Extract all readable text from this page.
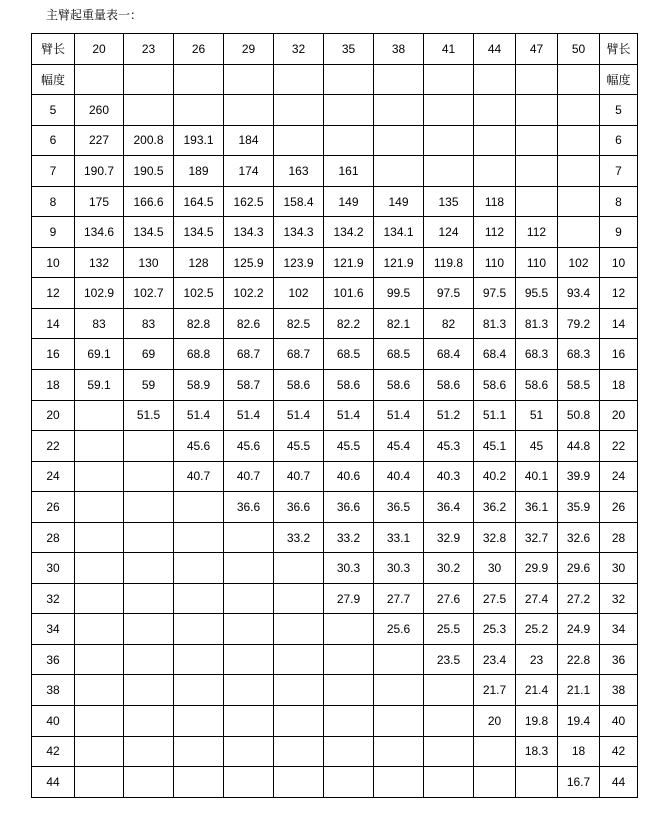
主臂起重量表一：
臂长	20	23	26	29	32	35	38	41	44	47	50	臂长
幅度												幅度
5	260											5
6	227	200.8	193.1	184								6
7	190.7	190.5	189	174	163	161						7
8	175	166.6	164.5	162.5	158.4	149	149	135	118			8
9	134.6	134.5	134.5	134.3	134.3	134.2	134.1	124	112	112		9
10	132	130	128	125.9	123.9	121.9	121.9	119.8	110	110	102	10
12	102.9	102.7	102.5	102.2	102	101.6	99.5	97.5	97.5	95.5	93.4	12
14	83	83	82.8	82.6	82.5	82.2	82.1	82	81.3	81.3	79.2	14
16	69.1	69	68.8	68.7	68.7	68.5	68.5	68.4	68.4	68.3	68.3	16
18	59.1	59	58.9	58.7	58.6	58.6	58.6	58.6	58.6	58.6	58.5	18
20		51.5	51.4	51.4	51.4	51.4	51.4	51.2	51.1	51	50.8	20
22			45.6	45.6	45.5	45.5	45.4	45.3	45.1	45	44.8	22
24			40.7	40.7	40.7	40.6	40.4	40.3	40.2	40.1	39.9	24
26				36.6	36.6	36.6	36.5	36.4	36.2	36.1	35.9	26
28					33.2	33.2	33.1	32.9	32.8	32.7	32.6	28
30						30.3	30.3	30.2	30	29.9	29.6	30
32						27.9	27.7	27.6	27.5	27.4	27.2	32
34							25.6	25.5	25.3	25.2	24.9	34
36								23.5	23.4	23	22.8	36
38									21.7	21.4	21.1	38
40									20	19.8	19.4	40
42										18.3	18	42
44											16.7	44
